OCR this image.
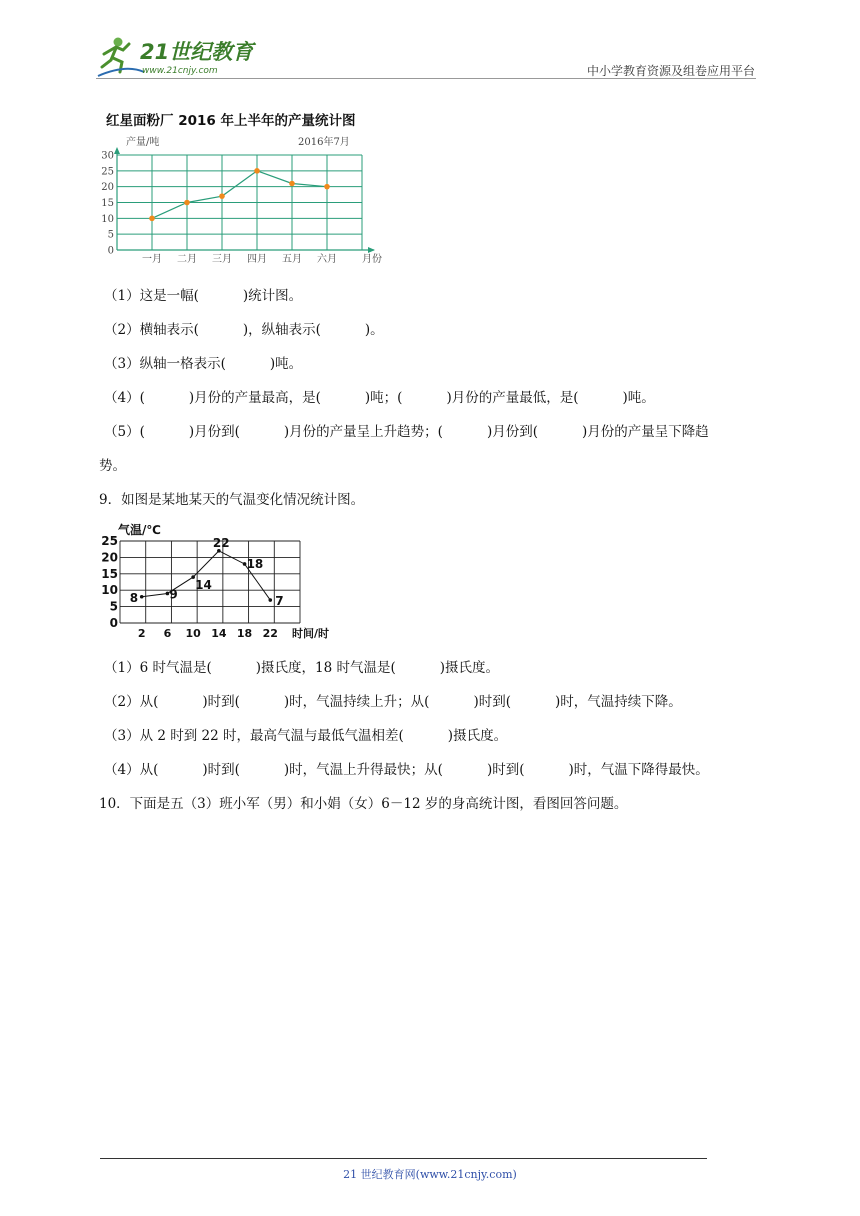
21世纪教育
www.21cnjy.com	中小学教育资源及组卷应用平台
红星面粉厂 2016 年上半年的产量统计图
产量/吨	2016年7月
月份
0
5
10
15
20
25
30
一月 二月 三月 四月 五月 六月
（1）这是一幅(	)统计图。
（2）横轴表示(	)，纵轴表示(	)。
（3）纵轴一格表示(	)吨。
（4）(	)月份的产量最高，是(	)吨；(	)月份的产量最低，是(	)吨。
（5）(	)月份到(	)月份的产量呈上升趋势；(	)月份到(	)月份的产量呈下降趋
势。
9．如图是某地某天的气温变化情况统计图。
气温/℃
时间/时
0
5
10
15
20
25
2 6 10 14 18 22
8	9
14
22
18
7
（1）6 时气温是(	)摄氏度，18 时气温是(	)摄氏度。
（2）从(	)时到(	)时，气温持续上升；从(	)时到(	)时，气温持续下降。
（3）从 2 时到 22 时，最高气温与最低气温相差(	)摄氏度。
（4）从(	)时到(	)时，气温上升得最快；从(	)时到(	)时，气温下降得最快。
10．下面是五（3）班小军（男）和小娟（女）6－12 岁的身高统计图，看图回答问题。
21 世纪教育网(www.21cnjy.com)
